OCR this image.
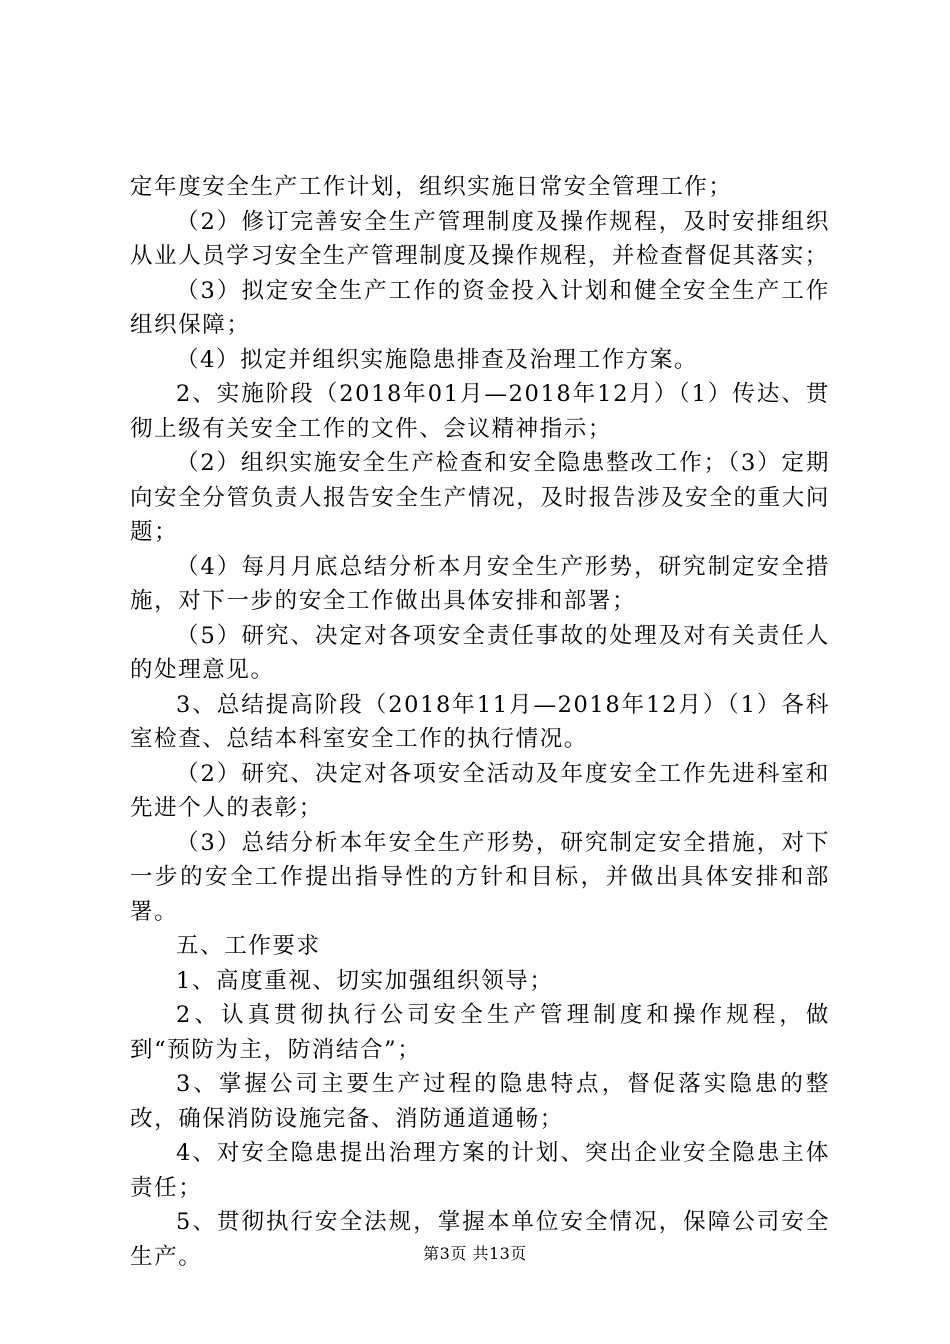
定年度安全生产工作计划，组织实施日常安全管理工作；

（2）修订完善安全生产管理制度及操作规程，及时安排组织从业人员学习安全生产管理制度及操作规程，并检查督促其落实；

（3）拟定安全生产工作的资金投入计划和健全安全生产工作组织保障；

（4）拟定并组织实施隐患排查及治理工作方案。

2、实施阶段（2018年01月—2018年12月）（1）传达、贯彻上级有关安全工作的文件、会议精神指示；

（2）组织实施安全生产检查和安全隐患整改工作；（3）定期向安全分管负责人报告安全生产情况，及时报告涉及安全的重大问题；

（4）每月月底总结分析本月安全生产形势，研究制定安全措施，对下一步的安全工作做出具体安排和部署；

（5）研究、决定对各项安全责任事故的处理及对有关责任人的处理意见。

3、总结提高阶段（2018年11月—2018年12月）（1）各科室检查、总结本科室安全工作的执行情况。

（2）研究、决定对各项安全活动及年度安全工作先进科室和先进个人的表彰；

（3）总结分析本年安全生产形势，研究制定安全措施，对下一步的安全工作提出指导性的方针和目标，并做出具体安排和部署。

五、工作要求

1、高度重视、切实加强组织领导；

2、认真贯彻执行公司安全生产管理制度和操作规程，做到“预防为主，防消结合”；

3、掌握公司主要生产过程的隐患特点，督促落实隐患的整改，确保消防设施完备、消防通道通畅；

4、对安全隐患提出治理方案的计划、突出企业安全隐患主体责任；

5、贯彻执行安全法规，掌握本单位安全情况，保障公司安全生产。	第3页 共13页
